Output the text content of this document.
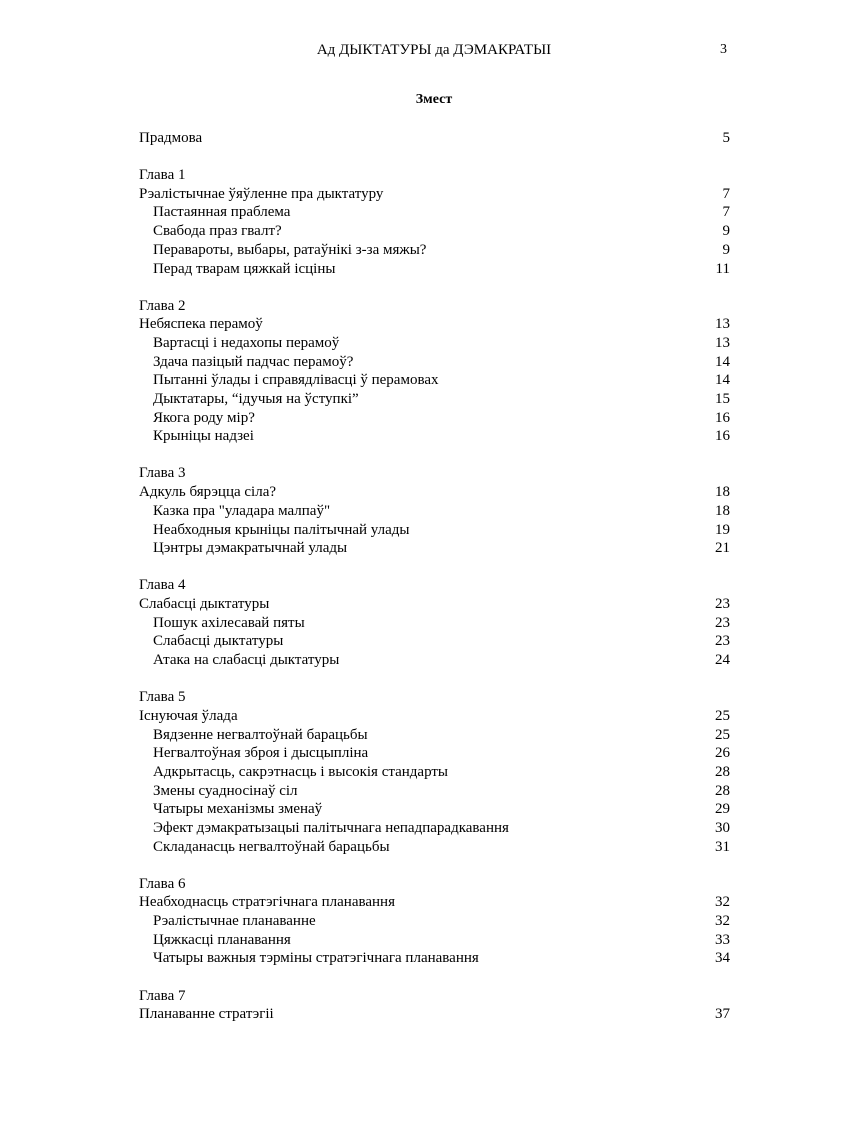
Ад ДЫКТАТУРЫ да ДЭМАКРАТЫІ	3
Змест
Прадмова	5
Глава 1
Рэалістычнае ўяўленне пра дыктатуру	7
Пастаянная праблема	7
Свабода праз гвалт?	9
Перавароты, выбары, ратаўнікі з-за мяжы?	9
Перад тварам цяжкай ісціны	11
Глава 2
Небяспека перамоў	13
Вартасці і недахопы перамоў	13
Здача пазіцый падчас перамоў?	14
Пытанні ўлады і справядлівасці ў перамовах	14
Дыктатары, “ідучыя на ўступкі”	15
Якога роду мір?	16
Крыніцы надзеі	16
Глава 3
Адкуль бярэцца сіла?	18
Казка пра "уладара малпаў"	18
Неабходныя крыніцы палітычнай улады	19
Цэнтры дэмакратычнай улады	21
Глава 4
Слабасці дыктатуры	23
Пошук ахілесавай пяты	23
Слабасці дыктатуры	23
Атака на слабасці дыктатуры	24
Глава 5
Існуючая ўлада	25
Вядзенне негвалтоўнай барацьбы	25
Негвалтоўная зброя і дысцыпліна	26
Адкрытасць, сакрэтнасць і высокія стандарты	28
Змены суадносінаў сіл	28
Чатыры механізмы зменаў	29
Эфект дэмакратызацыі палітычнага непадпарадкавання	30
Складанасць негвалтоўнай барацьбы	31
Глава 6
Неабходнасць стратэгічнага планавання	32
Рэалістычнае планаванне	32
Цяжкасці планавання	33
Чатыры важныя тэрміны стратэгічнага планавання	34
Глава 7
Планаванне стратэгіі	37
